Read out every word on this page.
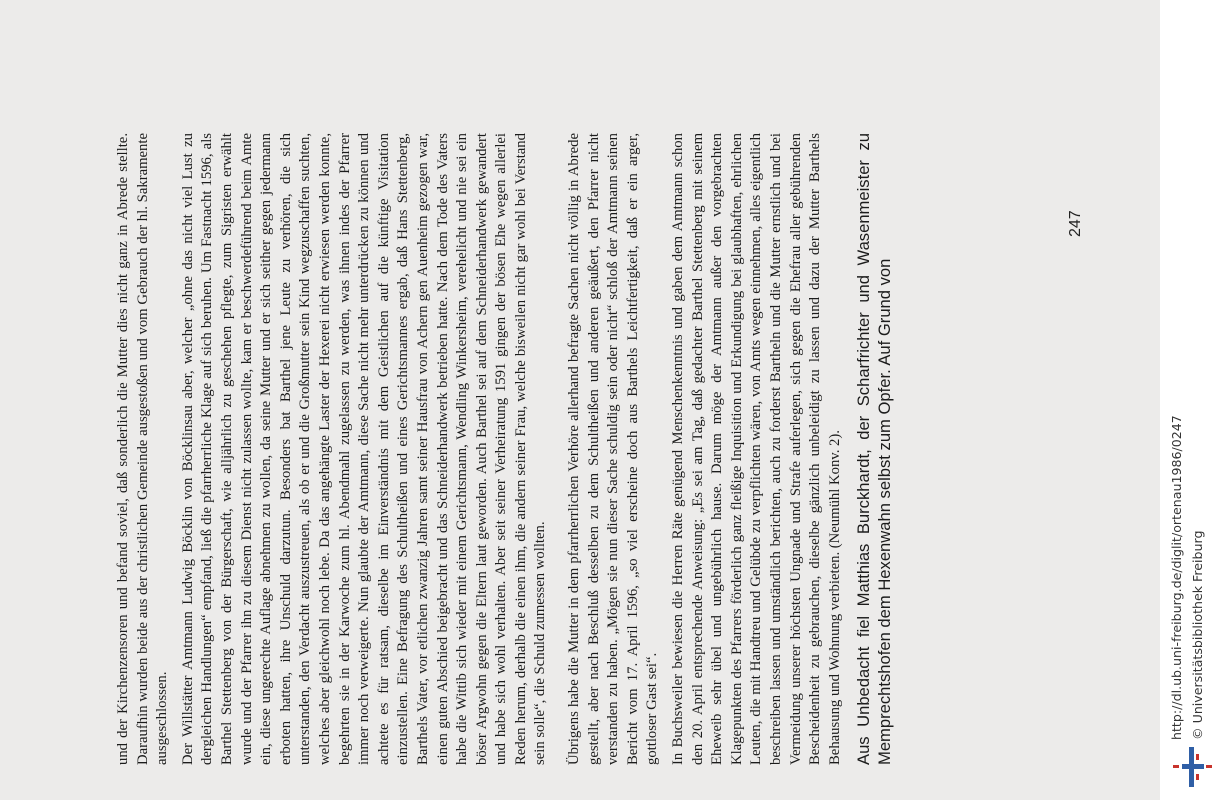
und der Kirchenzensoren und befand soviel, daß sonderlich die Mutter dies nicht ganz in Abrede stellte. Daraufhin wurden beide aus der christlichen Gemeinde ausgestoßen und vom Gebrauch der hl. Sakramente ausgeschlossen. Der Willstätter Amtmann Ludwig Böcklin von Böcklinsau aber, welcher „ohne das nicht viel Lust zu dergleichen Handlungen“ empfand, ließ die pfarrherrliche Klage auf sich beruhen. Um Fastnacht 1596, als Barthel Stettenberg von der Bürgerschaft, wie alljährlich zu geschehen pflegte, zum Sigristen erwählt wurde und der Pfarrer ihn zu diesem Dienst nicht zulassen wollte, kam er beschwerdeführend beim Amte ein, diese ungerechte Auflage abnehmen zu wollen, da seine Mutter und er sich seither gegen jedermann erboten hatten, ihre Unschuld darzutun. Besonders bat Barthel jene Leute zu verhören, die sich unterstanden, den Verdacht auszustreuen, als ob er und die Großmutter sein Kind wegzuschaffen suchten, welches aber gleichwohl noch lebe. Da das angehängte Laster der Hexerei nicht erwiesen werden konnte, begehrten sie in der Karwoche zum hl. Abendmahl zugelassen zu werden, was ihnen indes der Pfarrer immer noch verweigerte. Nun glaubte der Amtmann, diese Sache nicht mehr unterdrücken zu können und achtete es für ratsam, dieselbe im Einverständnis mit dem Geistlichen auf die künftige Visitation einzustellen. Eine Befragung des Schultheißen und eines Gerichtsmannes ergab, daß Hans Stettenberg, Barthels Vater, vor etlichen zwanzig Jahren samt seiner Hausfrau von Achern gen Auenheim gezogen war, einen guten Abschied beigebracht und das Schneiderhandwerk betrieben hatte. Nach dem Tode des Vaters habe die Wittib sich wieder mit einem Gerichtsmann, Wendling Winkersheim, verehelicht und nie sei ein böser Argwohn gegen die Eltern laut geworden. Auch Barthel sei auf dem Schneiderhandwerk gewandert und habe sich wohl verhalten. Aber seit seiner Verheiratung 1591 gingen der bösen Ehe wegen allerlei Reden herum, derhalb die einen ihm, die andern seiner Frau, welche bisweilen nicht gar wohl bei Verstand sein solle“, die Schuld zumessen wollten. Übrigens habe die Mutter in dem pfarrherrlichen Verhöre allerhand befragte Sachen nicht völlig in Abrede gestellt, aber nach Beschluß desselben zu dem Schultheißen und anderen geäußert, den Pfarrer nicht verstanden zu haben. „Mögen sie nun dieser Sache schuldig sein oder nicht“ schloß der Amtmann seinen Bericht vom 17. April 1596, „so viel erscheine doch aus Barthels Leichtfertigkeit, daß er ein arger, gottloser Gast sei“. In Buchsweiler bewiesen die Herren Räte genügend Menschenkenntnis und gaben dem Amtmann schon den 20. April entsprechende Anweisung: „Es sei am Tag, daß gedachter Barthel Stettenberg mit seinem Eheweib sehr übel und ungebührlich hause. Darum möge der Amtmann außer den vorgebrachten Klagepunkten des Pfarrers förderlich ganz fleißige Inquisition und Erkundigung bei glaubhaften, ehrlichen Leuten, die mit Handtreu und Gelübde zu verpflichten wären, von Amts wegen einnehmen, alles eigentlich beschreiben lassen und umständlich berichten, auch zu forderst Bartheln und die Mutter ernstlich und bei Vermeidung unserer höchsten Ungnade und Strafe auferlegen, sich gegen die Ehefrau aller gebührenden Bescheidenheit zu gebrauchen, dieselbe gänzlich unbeleidigt zu lassen und dazu der Mutter Barthels Behausung und Wohnung verbieten. (Neumühl Konv. 2). Aus Unbedacht fiel Matthias Burckhardt, der Scharfrichter und Wasenmeister zu Memprechtshofen dem Hexenwahn selbst zum Opfer. Auf Grund von

247
http://dl.ub.uni-freiburg.de/diglit/ortenau1986/0247 © Universitätsbibliothek Freiburg
